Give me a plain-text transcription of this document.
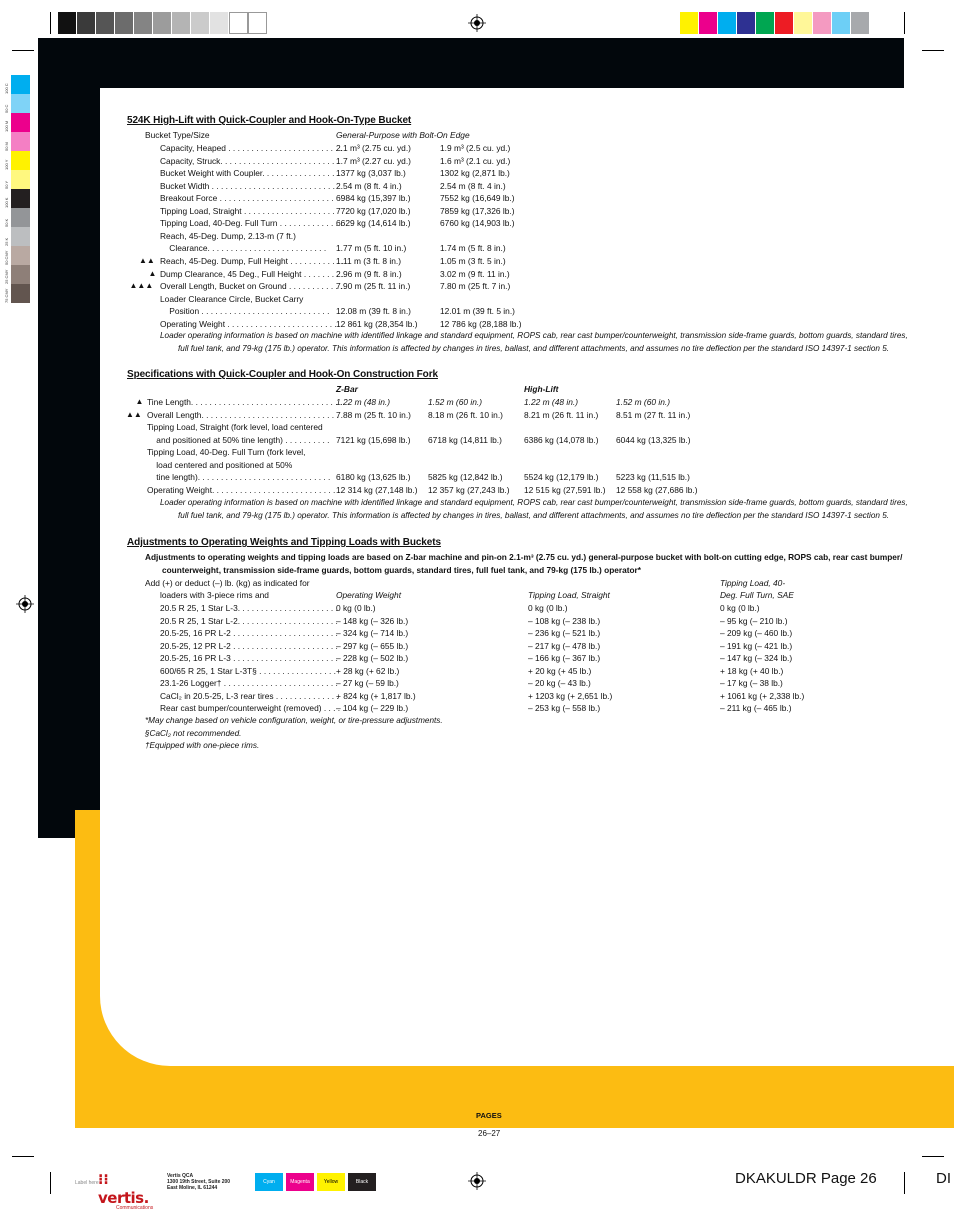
100 C
50 C
100 M
50 M
100 Y
50 Y
100 K
50 K
25 K
50 CMY
25 CMY
75 CMY
524K High-Lift with Quick-Coupler and Hook-On-Type Bucket
Bucket Type/Size	General-Purpose with Bolt-On Edge
Capacity, Heaped . . . . . . . . . . . . . . . . . . . . . . . . .
2.1 m³ (2.75 cu. yd.)	1.9 m³ (2.5 cu. yd.)
Capacity, Struck. . . . . . . . . . . . . . . . . . . . . . . . . .
1.7 m³ (2.27 cu. yd.)	1.6 m³ (2.1 cu. yd.)
Bucket Weight with Coupler. . . . . . . . . . . . . . . . .
1377 kg (3,037 lb.)	1302 kg (2,871 lb.)
Bucket Width . . . . . . . . . . . . . . . . . . . . . . . . . . . 2.54 m (8 ft. 4 in.)	2.54 m (8 ft. 4 in.)
Breakout Force . . . . . . . . . . . . . . . . . . . . . . . . . 6984 kg (15,397 lb.)	7552 kg (16,649 lb.)
Tipping Load, Straight . . . . . . . . . . . . . . . . . . . . 7720 kg (17,020 lb.)	7859 kg (17,326 lb.)
Tipping Load, 40-Deg. Full Turn . . . . . . . . . . . . . .
6629 kg (14,614 lb.)	6760 kg (14,903 lb.)
Reach, 45-Deg. Dump, 2.13-m (7 ft.)
Clearance. . . . . . . . . . . . . . . . . . . . . . . . . . 1.77 m (5 ft. 10 in.)	1.74 m (5 ft. 8 in.)
▲▲ Reach, 45-Deg. Dump, Full Height . . . . . . . . . . . .
1.11 m (3 ft. 8 in.)	1.05 m (3 ft. 5 in.)
▲ Dump Clearance, 45 Deg., Full Height . . . . . . . . .
2.96 m (9 ft. 8 in.)	3.02 m (9 ft. 11 in.)
▲▲▲ Overall Length, Bucket on Ground . . . . . . . . . . . .
7.90 m (25 ft. 11 in.)	7.80 m (25 ft. 7 in.)
Loader Clearance Circle, Bucket Carry
Position . . . . . . . . . . . . . . . . . . . . . . . . . . . . 12.08 m (39 ft. 8 in.)	12.01 m (39 ft. 5 in.)
Operating Weight . . . . . . . . . . . . . . . . . . . . . . . . 12 861 kg (28,354 lb.)	12 786 kg (28,188 lb.)
Loader operating information is based on machine with identified linkage and standard equipment, ROPS cab, rear cast bumper/counterweight, transmission side-frame guards, bottom guards, standard tires,
full fuel tank, and 79-kg (175 lb.) operator. This information is affected by changes in tires, ballast, and different attachments, and assumes no tire deflection per the standard ISO 14397-1 section 5.
Specifications with Quick-Coupler and Hook-On Construction Fork
Z-Bar	High-Lift
▲ Tine Length. . . . . . . . . . . . . . . . . . . . . . . . . . . . . . . . .
1.22 m (48 in.)	1.52 m (60 in.)	1.22 m (48 in.)	1.52 m (60 in.)
▲▲ Overall Length. . . . . . . . . . . . . . . . . . . . . . . . . . . . . .
7.88 m (25 ft. 10 in.) 8.18 m (26 ft. 10 in.)	8.21 m (26 ft. 11 in.) 8.51 m (27 ft. 11 in.)
Tipping Load, Straight (fork level, load centered
and positioned at 50% tine length) . . . . . . . . . . 7121 kg (15,698 lb.) 6718 kg (14,811 lb.)	6386 kg (14,078 lb.) 6044 kg (13,325 lb.)
Tipping Load, 40-Deg. Full Turn (fork level,
load centered and positioned at 50%
tine length). . . . . . . . . . . . . . . . . . . . . . . . . . . . . 6180 kg (13,625 lb.) 5825 kg (12,842 lb.)	5524 kg (12,179 lb.) 5223 kg (11,515 lb.)
Operating Weight. . . . . . . . . . . . . . . . . . . . . . . . . . . .
12 314 kg (27,148 lb.) 12 357 kg (27,243 lb.) 12 515 kg (27,591 lb.) 12 558 kg (27,686 lb.)
Loader operating information is based on machine with identified linkage and standard equipment, ROPS cab, rear cast bumper/counterweight, transmission side-frame guards, bottom guards, standard tires,
full fuel tank, and 79-kg (175 lb.) operator. This information is affected by changes in tires, ballast, and different attachments, and assumes no tire deflection per the standard ISO 14397-1 section 5.
Adjustments to Operating Weights and Tipping Loads with Buckets
Adjustments to operating weights and tipping loads are based on Z-bar machine and pin-on 2.1-m³ (2.75 cu. yd.) general-purpose bucket with bolt-on cutting edge, ROPS cab, rear cast bumper/
counterweight, transmission side-frame guards, bottom guards, standard tires, full fuel tank, and 79-kg (175 lb.) operator*
Add (+) or deduct (–) lb. (kg) as indicated for
loaders with 3-piece rims and	Operating Weight	Tipping Load, Straight
Tipping Load, 40-
Deg. Full Turn, SAE
20.5 R 25, 1 Star L-3. . . . . . . . . . . . . . . . . . . . . .
0 kg (0 lb.)	0 kg (0 lb.)	0 kg (0 lb.)
20.5 R 25, 1 Star L-2. . . . . . . . . . . . . . . . . . . . . .
– 148 kg (– 326 lb.)	– 108 kg (– 238 lb.)	– 95 kg (– 210 lb.)
20.5-25, 16 PR L-2 . . . . . . . . . . . . . . . . . . . . . . .
– 324 kg (– 714 lb.)	– 236 kg (– 521 lb.)	– 209 kg (– 460 lb.)
20.5-25, 12 PR L-2 . . . . . . . . . . . . . . . . . . . . . . .
– 297 kg (– 655 lb.)	– 217 kg (– 478 lb.)	– 191 kg (– 421 lb.)
20.5-25, 16 PR L-3 . . . . . . . . . . . . . . . . . . . . . . .
– 228 kg (– 502 lb.)	– 166 kg (– 367 lb.)	– 147 kg (– 324 lb.)
600/65 R 25, 1 Star L-3T§ . . . . . . . . . . . . . . . . . + 28 kg (+ 62 lb.)	+ 20 kg (+ 45 lb.)	+ 18 kg (+ 40 lb.)
23.1-26 Logger† . . . . . . . . . . . . . . . . . . . . . . . . .
– 27 kg (– 59 lb.)	– 20 kg (– 43 lb.)	– 17 kg (– 38 lb.)
CaCl₂ in 20.5-25, L-3 rear tires . . . . . . . . . . . . . .
+ 824 kg (+ 1,817 lb.)	+ 1203 kg (+ 2,651 lb.)	+ 1061 kg (+ 2,338 lb.)
Rear cast bumper/counterweight (removed) . . . . .
– 104 kg (– 229 lb.)	– 253 kg (– 558 lb.)	– 211 kg (– 465 lb.)
*May change based on vehicle configuration, weight, or tire-pressure adjustments.
§CaCl₂ not recommended.
†Equipped with one-piece rims.
PAGES
26–27
Label here ⁝⁝ vertis.
Communications
Vertis QCA
1300 19th Street, Suite 200
East Moline, IL 61244
Cyan	Magenta	Yellow	Black	DKAKULDR Page 26	DI
